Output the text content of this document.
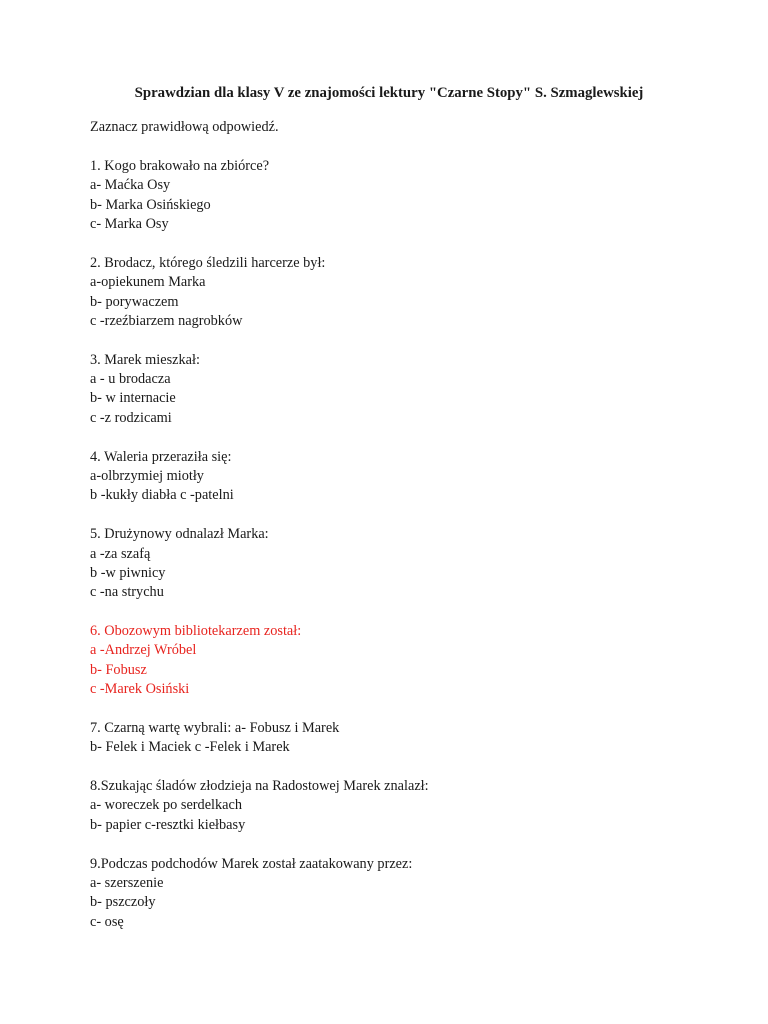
Sprawdzian dla klasy V ze znajomości lektury "Czarne Stopy" S. Szmaglewskiej
Zaznacz prawidłową odpowiedź.
1. Kogo brakowało na zbiórce?
a- Maćka Osy
b- Marka Osińskiego
c- Marka Osy
2. Brodacz, którego śledzili harcerze był:
a-opiekunem Marka
b- porywaczem
c -rzeźbiarzem nagrobków
3. Marek mieszkał:
a - u brodacza
b- w internacie
c -z rodzicami
4. Waleria przeraziła się:
a-olbrzymiej miotły
b -kukły diabła c -patelni
5. Drużynowy odnalazł Marka:
a -za szafą
b -w piwnicy
c -na strychu
6. Obozowym bibliotekarzem został:
a -Andrzej Wróbel
b- Fobusz
c -Marek Osiński
7. Czarną wartę wybrali: a- Fobusz i Marek
b- Felek i Maciek c -Felek i Marek
8.Szukając śladów złodzieja na Radostowej Marek znalazł:
a- woreczek po serdelkach
b- papier c-resztki kiełbasy
9.Podczas podchodów Marek został zaatakowany przez:
a- szerszenie
b- pszczoły
c- osę
